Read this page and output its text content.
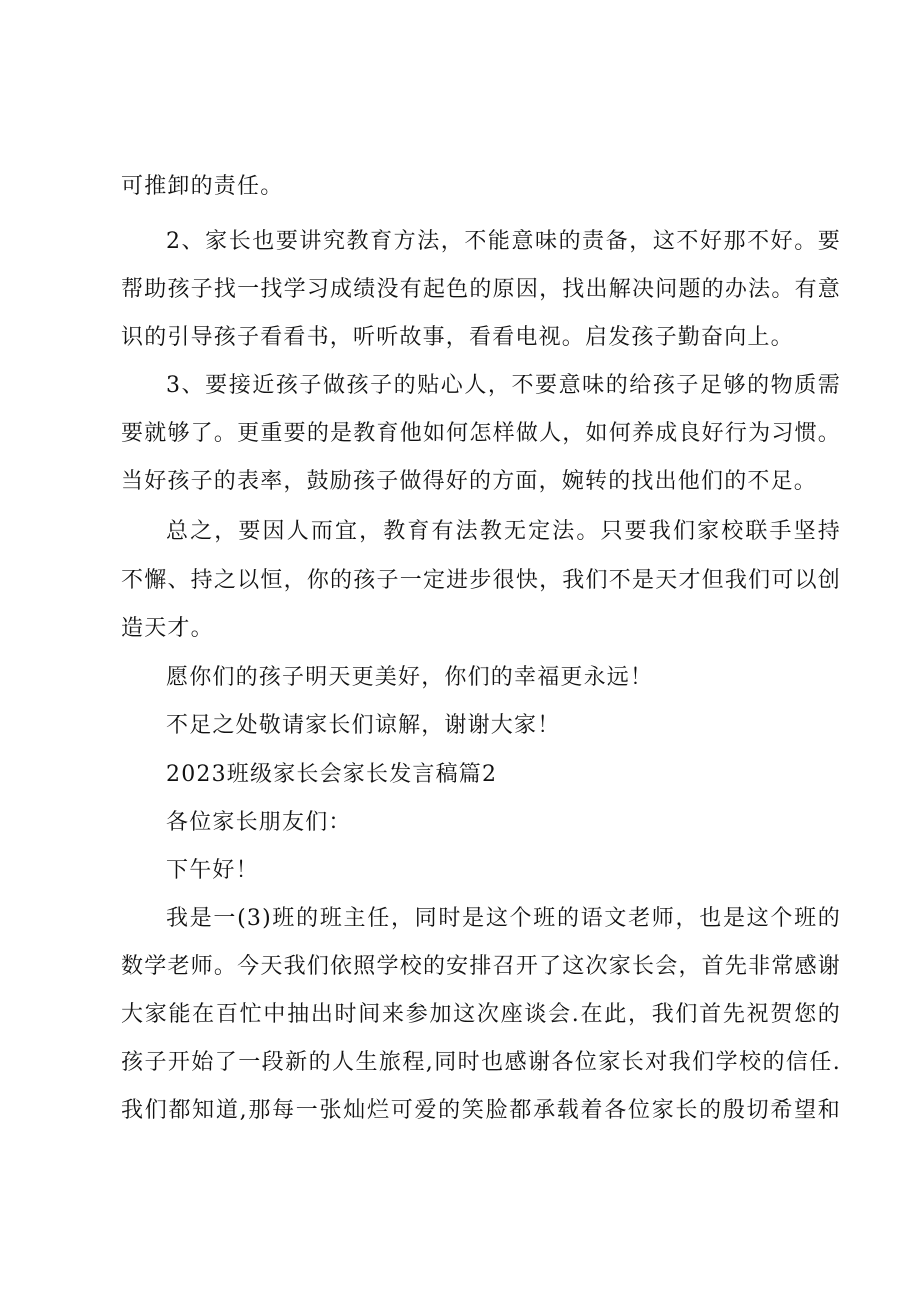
可推卸的责任。
2、家长也要讲究教育方法，不能意味的责备，这不好那不好。要
帮助孩子找一找学习成绩没有起色的原因，找出解决问题的办法。有意
识的引导孩子看看书，听听故事，看看电视。启发孩子勤奋向上。
3、要接近孩子做孩子的贴心人，不要意味的给孩子足够的物质需
要就够了。更重要的是教育他如何怎样做人，如何养成良好行为习惯。
当好孩子的表率，鼓励孩子做得好的方面，婉转的找出他们的不足。
总之，要因人而宜，教育有法教无定法。只要我们家校联手坚持
不懈、持之以恒，你的孩子一定进步很快，我们不是天才但我们可以创
造天才。
愿你们的孩子明天更美好，你们的幸福更永远！
不足之处敬请家长们谅解，谢谢大家！
2023班级家长会家长发言稿篇2
各位家长朋友们：
下午好！
我是一(3)班的班主任，同时是这个班的语文老师，也是这个班的
数学老师。今天我们依照学校的安排召开了这次家长会，首先非常感谢
大家能在百忙中抽出时间来参加这次座谈会.在此，我们首先祝贺您的
孩子开始了一段新的人生旅程,同时也感谢各位家长对我们学校的信任.
我们都知道,那每一张灿烂可爱的笑脸都承载着各位家长的殷切希望和
